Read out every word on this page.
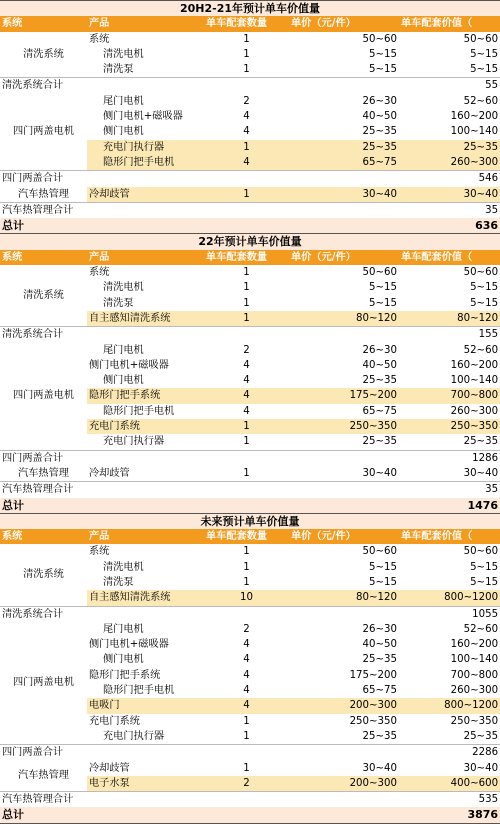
20H2-21年预计单车价值量				
系统	产品	单车配套数量	单价（元/件）	单车配套价值（
清洗系统	系统	1	50~60	50~60
	清洗电机	1	5~15	5~15
	清洗泵	1	5~15	5~15
清洗系统合计		55		
四门两盖电机	尾门电机	2	26~30	52~60
	侧门电机+磁吸器	4	40~50	160~200
	侧门电机	4	25~35	100~140
	充电门执行器	1	25~35	25~35
	隐形门把手电机	4	65~75	260~300
四门两盖合计		546		
汽车热管理	冷却歧管	1	30~40	30~40
汽车热管理合计		35		
总计		636		
22年预计单车价值量				
系统	产品	单车配套数量	单价（元/件）	单车配套价值（
清洗系统	系统	1	50~60	50~60
	清洗电机	1	5~15	5~15
	清洗泵	1	5~15	5~15
	自主感知清洗系统	1	80~120	80~120
清洗系统合计		155		
四门两盖电机	尾门电机	2	26~30	52~60
	侧门电机+磁吸器	4	40~50	160~200
	侧门电机	4	25~35	100~140
	隐形门把手系统	4	175~200	700~800
	隐形门把手电机	4	65~75	260~300
	充电门系统	1	250~350	250~350
	充电门执行器	1	25~35	25~35
四门两盖合计		1286		
汽车热管理	冷却歧管	1	30~40	30~40
汽车热管理合计		35		
总计		1476		
未来预计单车价值量				
系统	产品	单车配套数量	单价（元/件）	单车配套价值（
清洗系统	系统	1	50~60	50~60
	清洗电机	1	5~15	5~15
	清洗泵	1	5~15	5~15
	自主感知清洗系统	10	80~120	800~1200
清洗系统合计		1055		
四门两盖电机	尾门电机	2	26~30	52~60
	侧门电机+磁吸器	4	40~50	160~200
	侧门电机	4	25~35	100~140
	隐形门把手系统	4	175~200	700~800
	隐形门把手电机	4	65~75	260~300
	电吸门	4	200~300	800~1200
	充电门系统	1	250~350	250~350
	充电门执行器	1	25~35	25~35
四门两盖合计		2286		
汽车热管理	冷却歧管	1	30~40	30~40
	电子水泵	2	200~300	400~600
汽车热管理合计		535		
总计		3876		
